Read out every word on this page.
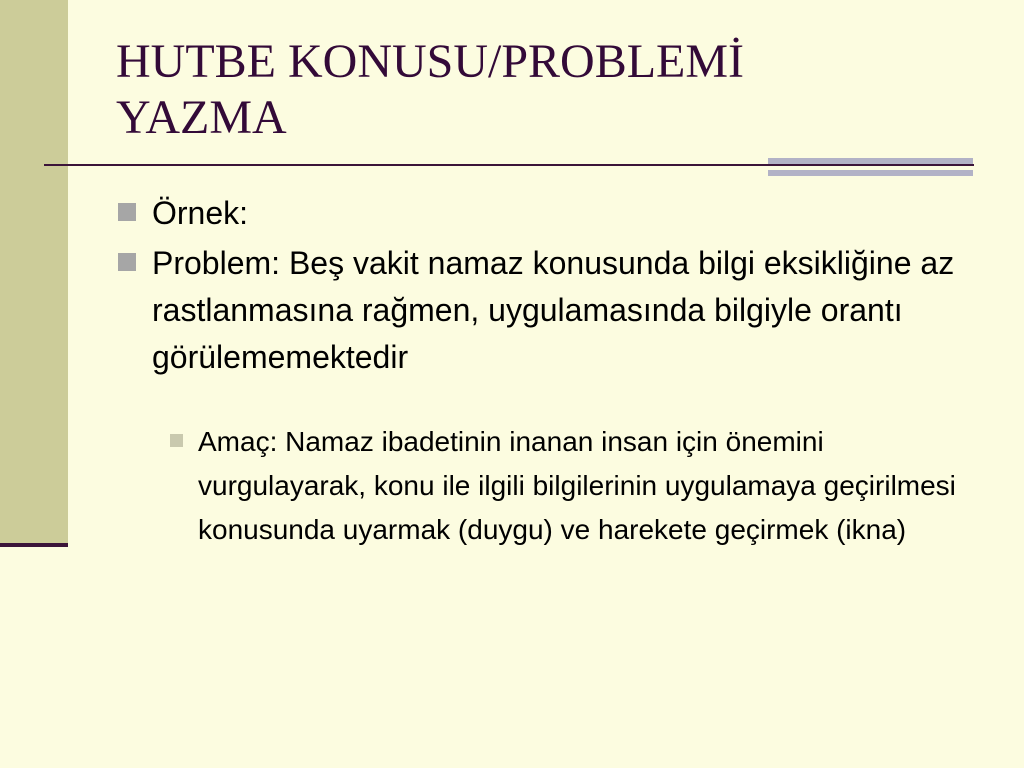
HUTBE KONUSU/PROBLEMİ
YAZMA
Örnek:
Problem: Beş vakit namaz konusunda bilgi eksikliğine az rastlanmasına rağmen, uygulamasında bilgiyle orantı görülememektedir
Amaç: Namaz ibadetinin inanan insan için önemini vurgulayarak, konu ile ilgili bilgilerinin uygulamaya geçirilmesi konusunda uyarmak (duygu) ve harekete geçirmek (ikna)
